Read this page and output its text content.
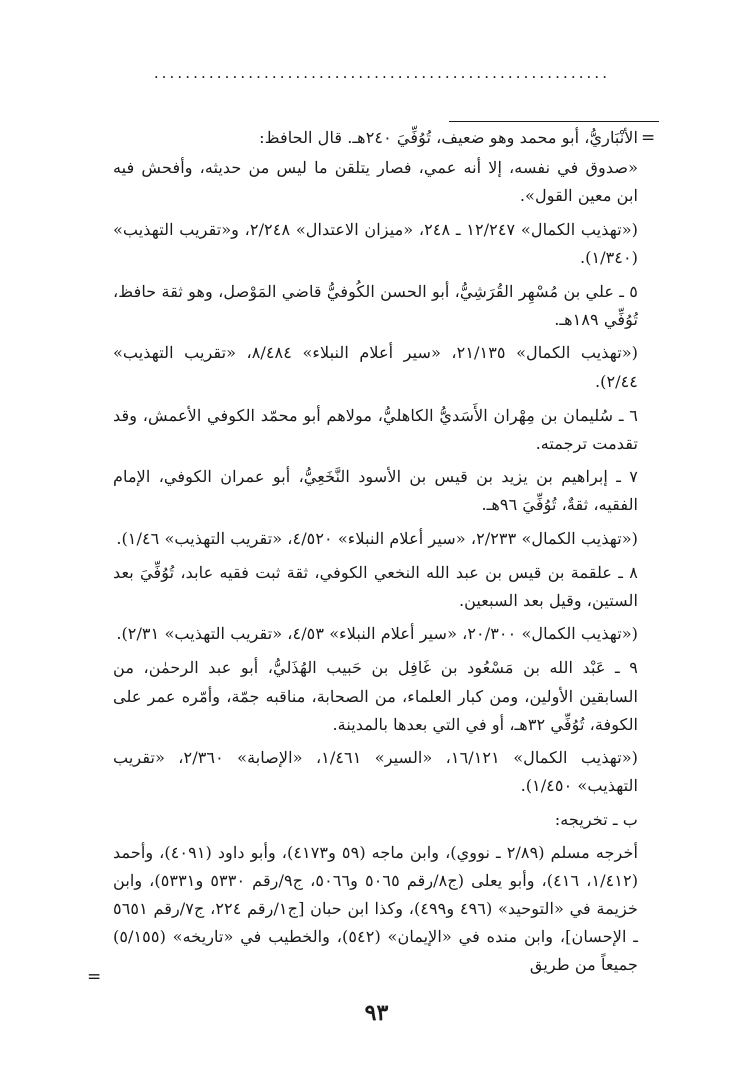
..........................................................
=

الأنْبَاريُّ، أبو محمد وهو ضعيف، تُوُفِّيَ ٢٤٠هـ. قال الحافظ:

«صدوق في نفسه، إلا أنه عمي، فصار يتلقن ما ليس من حديثه، وأفحش فيه ابن معين القول».

(«تهذيب الكمال» ١٢/٢٤٧ ـ ٢٤٨، «ميزان الاعتدال» ٢/٢٤٨، و«تقريب التهذيب» (١/٣٤٠).

٥ ـ علي بن مُسْهِر القُرَشِيُّ، أبو الحسن الكُوفيُّ قاضي المَوْصل، وهو ثقة حافظ، تُوُفِّي ١٨٩هـ.

(«تهذيب الكمال» ٢١/١٣٥، «سير أعلام النبلاء» ٨/٤٨٤، «تقريب التهذيب» ٢/٤٤).

٦ ـ سُليمان بن مِهْران الأَسَديُّ الكاهليُّ، مولاهم أبو محمّد الكوفي الأعمش، وقد تقدمت ترجمته.

٧ ـ إبراهيم بن يزيد بن قيس بن الأسود النَّخَعِيُّ، أبو عمران الكوفي، الإمام الفقيه، ثقةٌ، تُوُفِّيَ ٩٦هـ.

(«تهذيب الكمال» ٢/٢٣٣، «سير أعلام النبلاء» ٤/٥٢٠، «تقريب التهذيب» ١/٤٦).

٨ ـ علقمة بن قيس بن عبد الله النخعي الكوفي، ثقة ثبت فقيه عابد، تُوُفِّيَ بعد الستين، وقيل بعد السبعين.

(«تهذيب الكمال» ٢٠/٣٠٠، «سير أعلام النبلاء» ٤/٥٣، «تقريب التهذيب» ٢/٣١).

٩ ـ عَبْد الله بن مَسْعُود بن غَافِل بن حَبيب الهُذَليُّ، أبو عبد الرحمٰن، من السابقين الأولين، ومن كبار العلماء، من الصحابة، مناقبه جمّة، وأمّره عمر على الكوفة، تُوُفِّي ٣٢هـ، أو في التي بعدها بالمدينة.

(«تهذيب الكمال» ١٦/١٢١، «السير» ١/٤٦١، «الإصابة» ٢/٣٦٠، «تقريب التهذيب» ١/٤٥٠).

ب ـ تخريجه:

أخرجه مسلم (٢/٨٩ ـ نووي)، وابن ماجه (٥٩ و٤١٧٣)، وأبو داود (٤٠٩١)، وأحمد (١/٤١٢، ٤١٦)، وأبو يعلى (ج٨/رقم ٥٠٦٥ و٥٠٦٦، ج٩/رقم ٥٣٣٠ و٥٣٣١)، وابن خزيمة في «التوحيد» (٤٩٦ و٤٩٩)، وكذا ابن حبان [ج١/رقم ٢٢٤، ج٧/رقم ٥٦٥١ ـ الإحسان]، وابن منده في «الإيمان» (٥٤٢)، والخطيب في «تاريخه» (٥/١٥٥) جميعاً من طريق

=
٩٣
